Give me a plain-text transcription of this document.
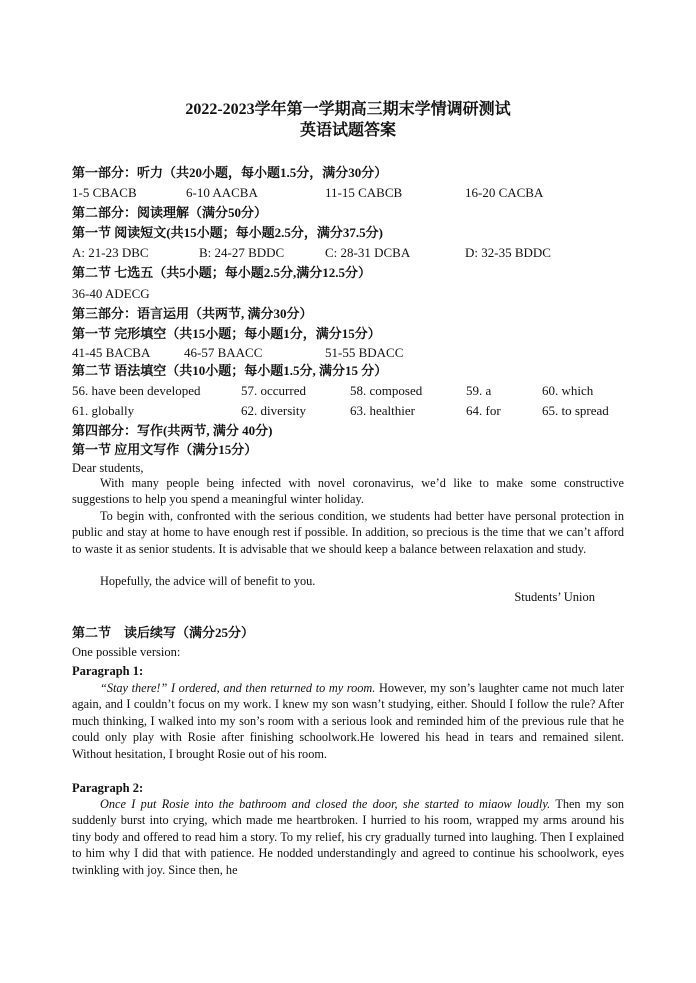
2022-2023学年第一学期高三期末学情调研测试
英语试题答案
第一部分：听力（共20小题，每小题1.5分，满分30分）
1-5 CBACB	6-10 AACBA	11-15 CABCB	16-20 CACBA
第二部分：阅读理解（满分50分）
第一节 阅读短文(共15小题；每小题2.5分，满分37.5分)
A: 21-23 DBC	B: 24-27 BDDC	C: 28-31 DCBA	D: 32-35 BDDC
第二节 七选五（共5小题；每小题2.5分,满分12.5分）
36-40 ADECG
第三部分：语言运用（共两节, 满分30分）
第一节 完形填空（共15小题；每小题1分，满分15分）
41-45 BACBA	46-57 BAACC	51-55 BDACC
第二节 语法填空（共10小题；每小题1.5分, 满分15 分）
56. have been developed	57. occurred	58. composed	59. a	60. which
61. globally	62. diversity	63. healthier	64. for	65. to spread
第四部分：写作(共两节, 满分 40分)
第一节 应用文写作（满分15分）
Dear students,
With many people being infected with novel coronavirus, we’d like to make some constructive suggestions to help you spend a meaningful winter holiday.
To begin with, confronted with the serious condition, we students had better have personal protection in public and stay at home to have enough rest if possible. In addition, so precious is the time that we can’t afford to waste it as senior students. It is advisable that we should keep a balance between relaxation and study.
Hopefully, the advice will of benefit to you.
Students’ Union
第二节　读后续写（满分25分）
One possible version:
Paragraph 1:
“Stay there!” I ordered, and then returned to my room. However, my son’s laughter came not much later again, and I couldn’t focus on my work. I knew my son wasn’t studying, either. Should I follow the rule? After much thinking, I walked into my son’s room with a serious look and reminded him of the previous rule that he could only play with Rosie after finishing schoolwork.He lowered his head in tears and remained silent. Without hesitation, I brought Rosie out of his room.
Paragraph 2:
Once I put Rosie into the bathroom and closed the door, she started to miaow loudly. Then my son suddenly burst into crying, which made me heartbroken. I hurried to his room, wrapped my arms around his tiny body and offered to read him a story. To my relief, his cry gradually turned into laughing. Then I explained to him why I did that with patience. He nodded understandingly and agreed to continue his schoolwork, eyes twinkling with joy. Since then, he
